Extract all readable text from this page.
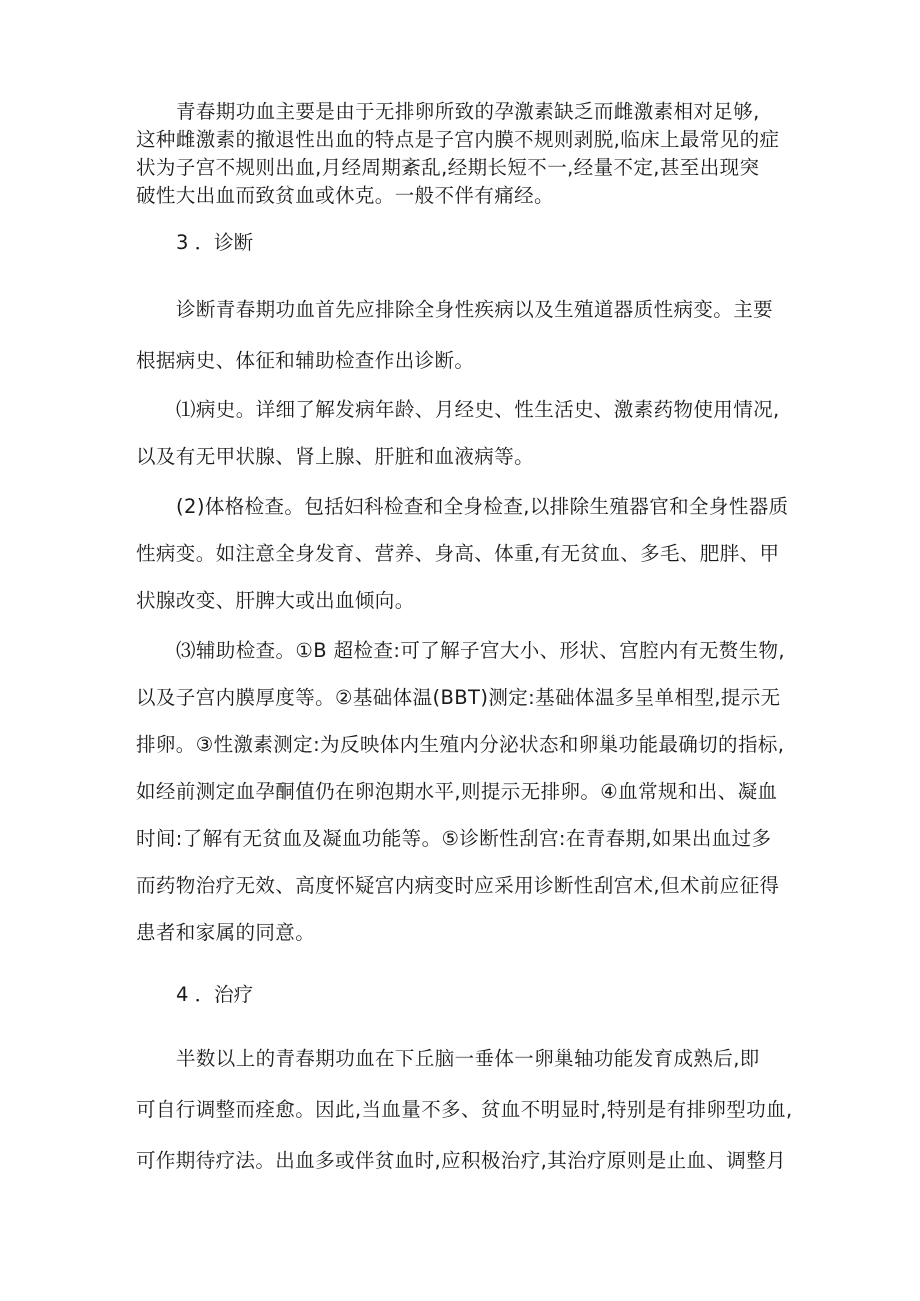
青春期功血主要是由于无排卵所致的孕激素缺乏而雌激素相对足够,
这种雌激素的撤退性出血的特点是子宫内膜不规则剥脱,临床上最常见的症
状为子宫不规则出血,月经周期紊乱,经期长短不一,经量不定,甚至出现突
破性大出血而致贫血或休克。一般不伴有痛经。

3 ．诊断

诊断青春期功血首先应排除全身性疾病以及生殖道器质性病变。主要
根据病史、体征和辅助检查作出诊断。
⑴病史。详细了解发病年龄、月经史、性生活史、激素药物使用情况,
以及有无甲状腺、肾上腺、肝脏和血液病等。
(2)体格检查。包括妇科检查和全身检查,以排除生殖器官和全身性器质
性病变。如注意全身发育、营养、身高、体重,有无贫血、多毛、肥胖、甲
状腺改变、肝脾大或出血倾向。
⑶辅助检查。①B 超检查:可了解子宫大小、形状、宫腔内有无赘生物,
以及子宫内膜厚度等。②基础体温(BBT)测定:基础体温多呈单相型,提示无
排卵。③性激素测定:为反映体内生殖内分泌状态和卵巢功能最确切的指标,
如经前测定血孕酮值仍在卵泡期水平,则提示无排卵。④血常规和出、凝血
时间:了解有无贫血及凝血功能等。⑤诊断性刮宫:在青春期,如果出血过多
而药物治疗无效、高度怀疑宫内病变时应采用诊断性刮宫术,但术前应征得
患者和家属的同意。

4 ．治疗

半数以上的青春期功血在下丘脑一垂体一卵巢轴功能发育成熟后,即
可自行调整而痊愈。因此,当血量不多、贫血不明显时,特别是有排卵型功血,
可作期待疗法。出血多或伴贫血时,应积极治疗,其治疗原则是止血、调整月
